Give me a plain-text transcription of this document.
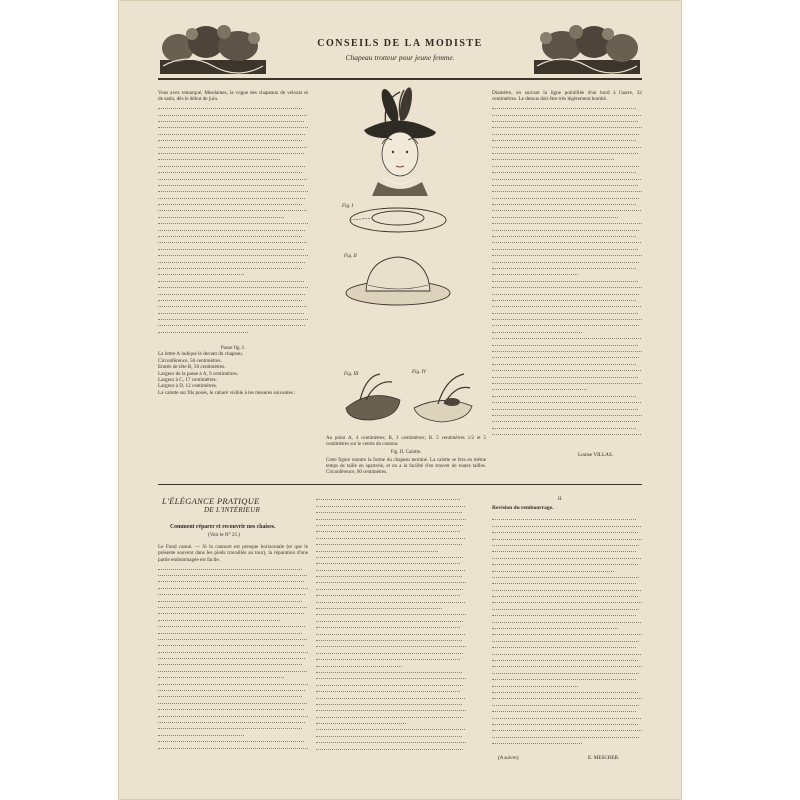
CONSEILS DE LA MODISTE
Chapeau trotteur pour jeune femme.

Vous avez remarqué, Mesdames, la vogue des chapeaux de velours et de satin, dès le début de juin.

Passe fig. I.

La lettre A indique le devant du chapeau.

Circonférence, 56 centimètres.

Entrée de tête B, 50 centimètres.

Largeur de la passe à A, 9 centimètres.

Largeur à C, 17 centimètres.

Largeur à D, 12 centimètres.

La calotte sur fils posés, le cabaré visible à les mesures suivantes :

Fig. I
Fig. II
Fig. III	Fig. IV
Au point A, 4 centimètres; B, 3 centimètres; B. 5 centimètres 1/2 et 5 centimètres sur le centre du contour.
Fig. II. Calotte.
Cette figure montre la forme du chapeau terminé. La calotte se fera en même temps de taille en sparterie, et on a la facilité d'en trouver de toutes tailles. Circonférence, 60 centimètres.

Diamètre, en suivant la ligne pointillée d'un bord à l'autre, 32 centimètres. Le dessus doit être très légèrement bombé.

Louise VILLAS.
L'ÉLÉGANCE PRATIQUE
DE L'INTÉRIEUR
Comment réparer et recouvrir nos chaises.
(Voir le N° 21.)

Le Fond canné. — Si la cannure est presque horizontale (et que le présente souvent dans les pieds travaillés au tour), la réparation d'une partie endommagée est facile.

II
Revision du rembourrage.
(A suivre).	E. MESCREB.
